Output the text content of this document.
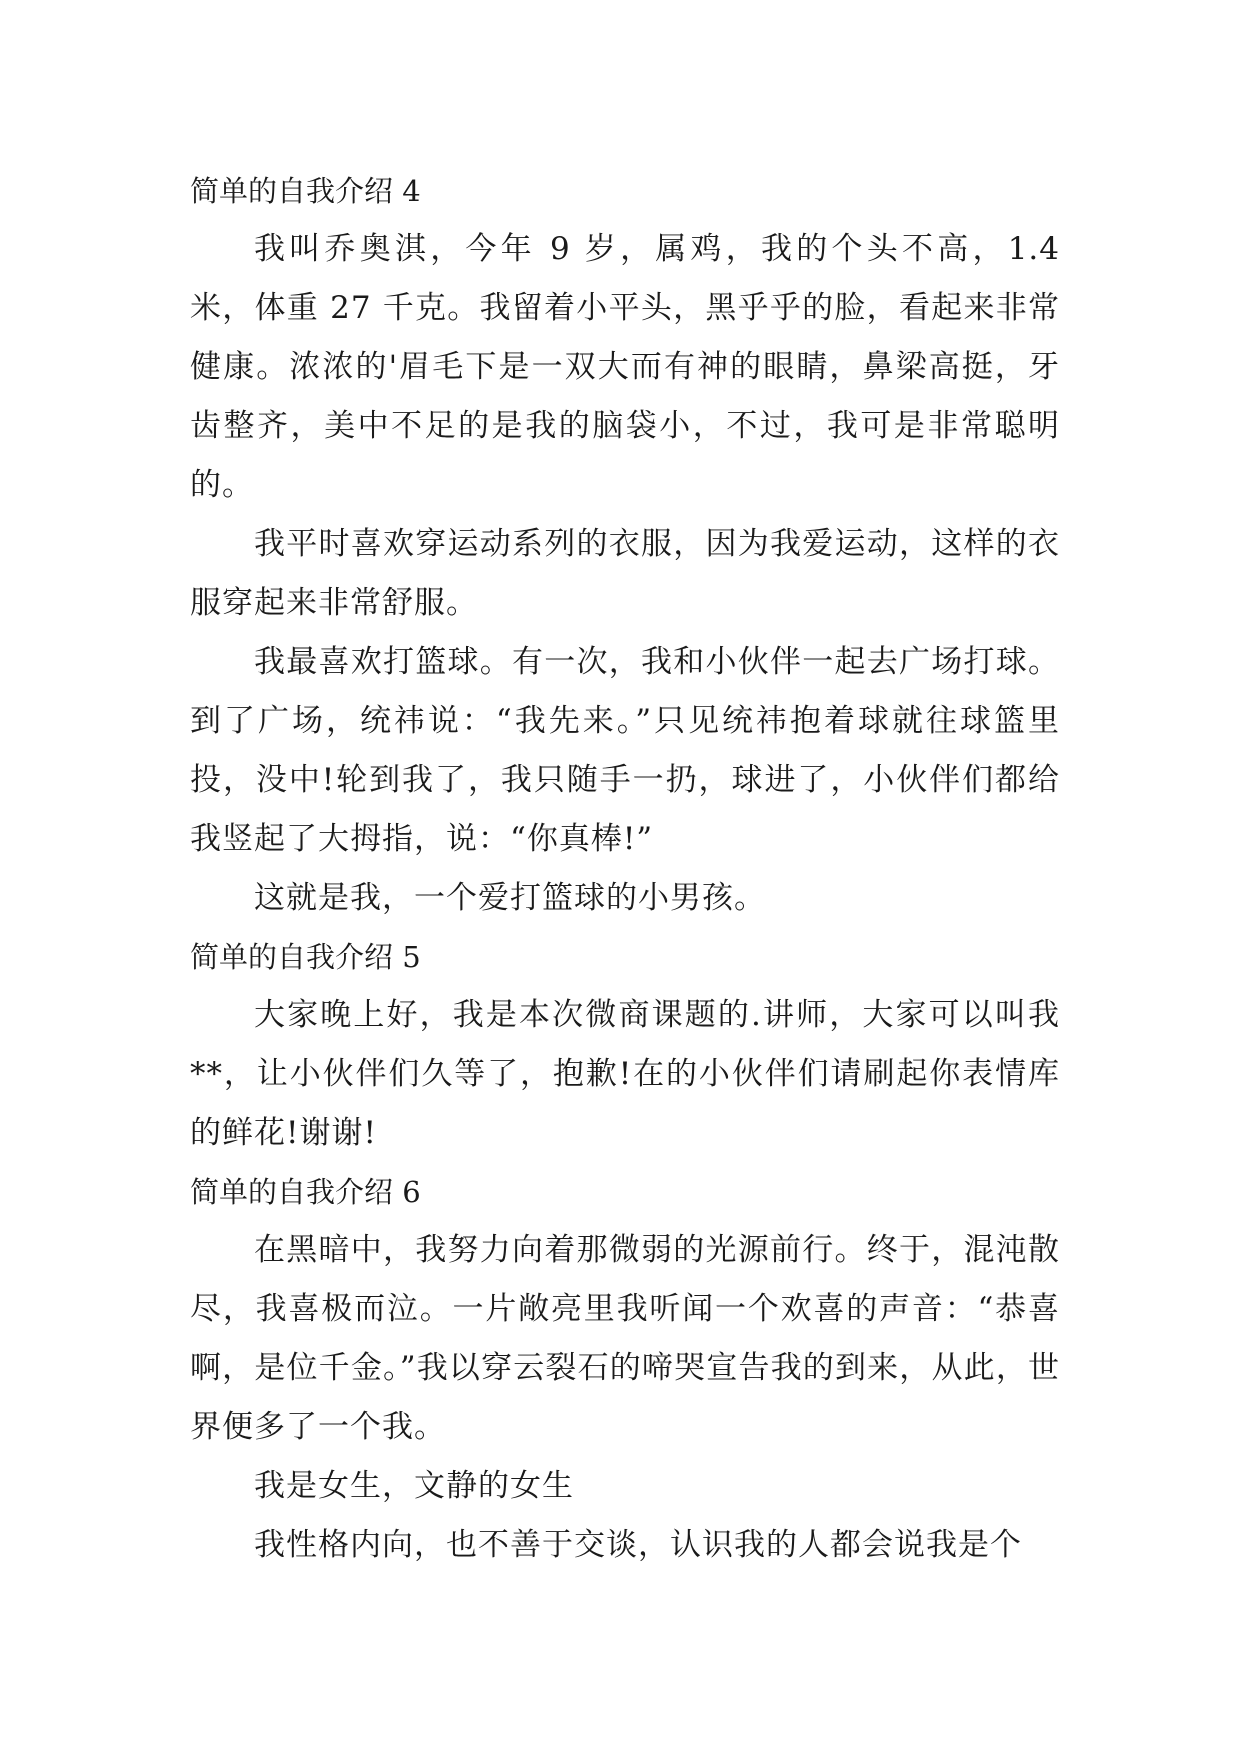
简单的自我介绍 4

我叫乔奥淇，今年 9 岁，属鸡，我的个头不高，1.4 米，体重 27 千克。我留着小平头，黑乎乎的脸，看起来非常健康。浓浓的'眉毛下是一双大而有神的眼睛，鼻梁高挺，牙齿整齐，美中不足的是我的脑袋小，不过，我可是非常聪明的。

我平时喜欢穿运动系列的衣服，因为我爱运动，这样的衣服穿起来非常舒服。

我最喜欢打篮球。有一次，我和小伙伴一起去广场打球。到了广场，统祎说：“我先来。”只见统祎抱着球就往球篮里投，没中!轮到我了，我只随手一扔，球进了，小伙伴们都给我竖起了大拇指，说：“你真棒!”

这就是我，一个爱打篮球的小男孩。

简单的自我介绍 5

大家晚上好，我是本次微商课题的.讲师，大家可以叫我**，让小伙伴们久等了，抱歉!在的小伙伴们请刷起你表情库的鲜花!谢谢!

简单的自我介绍 6

在黑暗中，我努力向着那微弱的光源前行。终于，混沌散尽，我喜极而泣。一片敞亮里我听闻一个欢喜的声音：“恭喜啊，是位千金。”我以穿云裂石的啼哭宣告我的到来，从此，世界便多了一个我。

我是女生，文静的女生

我性格内向，也不善于交谈，认识我的人都会说我是个
